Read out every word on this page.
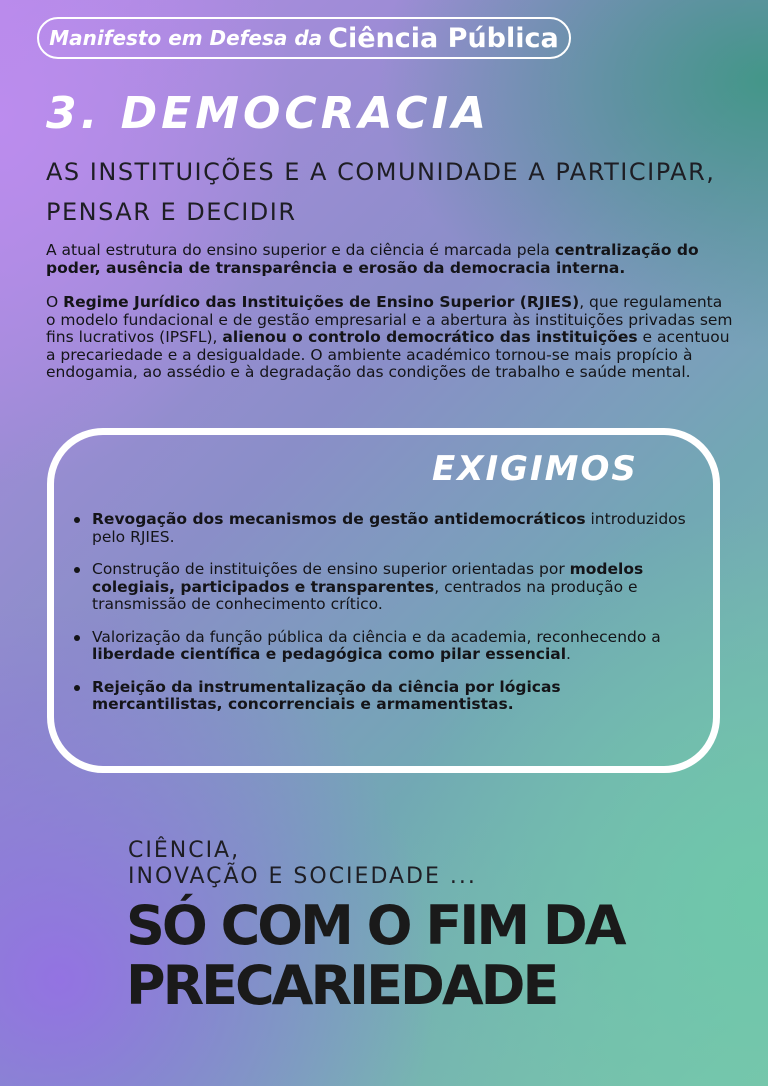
Manifesto em Defesa da Ciência Pública
3. DEMOCRACIA

AS INSTITUIÇÕES E A COMUNIDADE A PARTICIPAR, PENSAR E DECIDIR

A atual estrutura do ensino superior e da ciência é marcada pela centralização do poder, ausência de transparência e erosão da democracia interna.

O Regime Jurídico das Instituições de Ensino Superior (RJIES), que regulamenta o modelo fundacional e de gestão empresarial e a abertura às instituições privadas sem fins lucrativos (IPSFL), alienou o controlo democrático das instituições e acentuou a precariedade e a desigualdade. O ambiente académico tornou-se mais propício à endogamia, ao assédio e à degradação das condições de trabalho e saúde mental.

EXIGIMOS
Revogação dos mecanismos de gestão antidemocráticos introduzidos pelo RJIES.
Construção de instituições de ensino superior orientadas por modelos colegiais, participados e transparentes, centrados na produção e transmissão de conhecimento crítico.
Valorização da função pública da ciência e da academia, reconhecendo a liberdade científica e pedagógica como pilar essencial.
Rejeição da instrumentalização da ciência por lógicas mercantilistas, concorrenciais e armamentistas.

CIÊNCIA,
INOVAÇÃO E SOCIEDADE ...

SÓ COM O FIM DA
PRECARIEDADE
